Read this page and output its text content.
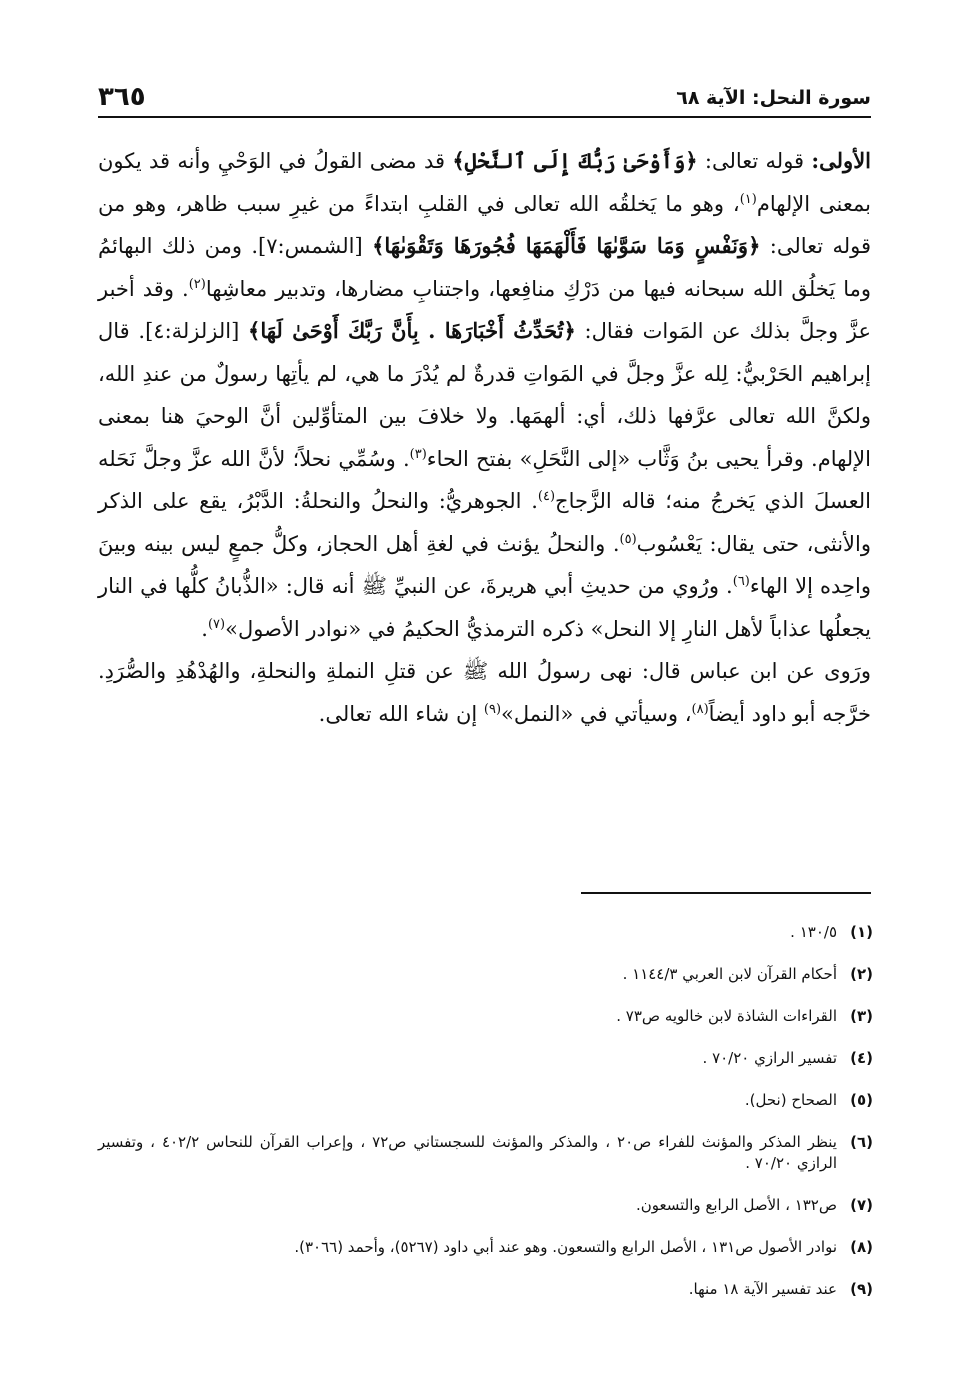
٣٦٥	سورة النحل: الآية ٦٨

الأولى: قوله تعالى: ﴿وَأَوْحَىٰ رَبُّكَ إِلَى ٱلنَّحْلِ﴾ قد مضى القولُ في الوَحْيِ وأنه قد يكون بمعنى الإلهام$^{(١)}$، وهو ما يَخلقُه الله تعالى في القلبِ ابتداءً من غيرِ سبب ظاهر، وهو من قوله تعالى: ﴿وَنَفْسٍ وَمَا سَوَّىٰهَا فَأَلْهَمَهَا فُجُورَهَا وَتَقْوَىٰهَا﴾ [الشمس:٧]. ومن ذلك البهائمُ وما يَخلُق الله سبحانه فيها من دَرْكِ منافِعها، واجتنابِ مضارها، وتدبير معاشِها$^{(٢)}$. وقد أخبر عزَّ وجلَّ بذلك عن المَوات فقال: ﴿تُحَدِّثُ أَخْبَارَهَا . بِأَنَّ رَبَّكَ أَوْحَىٰ لَهَا﴾ [الزلزلة:٤]. قال إبراهيم الحَرْبيُّ: لِله عزَّ وجلَّ في المَواتِ قدرةٌ لم يُدْرَ ما هي، لم يأتِها رسولٌ من عندِ الله، ولكنَّ الله تعالى عرَّفها ذلك، أي: ألهمَها. ولا خلافَ بين المتأوِّلين أنَّ الوحيَ هنا بمعنى الإلهام. وقرأ يحيى بنُ وَثَّاب «إلى النَّحَلِ» بفتح الحاء$^{(٣)}$. وسُمِّي نحلاً؛ لأنَّ الله عزَّ وجلَّ نَحَله العسلَ الذي يَخرجُ منه؛ قاله الزَّجاج$^{(٤)}$. الجوهريُّ: والنحلُ والنحلةُ: الدَّبْرُ، يقع على الذكر والأنثى، حتى يقال: يَعْسُوب$^{(٥)}$. والنحلُ يؤنث في لغةِ أهل الحجاز، وكلُّ جمعٍ ليس بينه وبينَ واحِده إلا الهاء$^{(٦)}$. ورُوي من حديثِ أبي هريرةَ، عن النبيِّ ﷺ أنه قال: «الذُّبانُ كلُّها في النار يجعلُها عذاباً لأهل النارِ إلا النحل» ذكره الترمذيُّ الحكيمُ في «نوادر الأصول»$^{(٧)}$.

ورَوى عن ابن عباس قال: نهى رسولُ الله ﷺ عن قتلِ النملةِ والنحلةِ، والهُدْهُدِ والصُّرَدِ. خرَّجه أبو داود أيضاً$^{(٨)}$، وسيأتي في «النمل»$^{(٩)}$ إن شاء الله تعالى.

(١)
١٣٠/٥ .
(٢)
أحكام القرآن لابن العربي ١١٤٤/٣ .
(٣)
القراءات الشاذة لابن خالويه ص٧٣ .
(٤)
تفسير الرازي ٧٠/٢٠ .
(٥)
الصحاح (نحل).
(٦)
ينظر المذكر والمؤنث للفراء ص٢٠ ، والمذكر والمؤنث للسجستاني ص٧٢ ، وإعراب القرآن للنحاس ٤٠٢/٢ ، وتفسير الرازي ٧٠/٢٠ .
(٧)
ص١٣٢ ، الأصل الرابع والتسعون.
(٨)
نوادر الأصول ص١٣١ ، الأصل الرابع والتسعون. وهو عند أبي داود (٥٢٦٧)، وأحمد (٣٠٦٦).
(٩)
عند تفسير الآية ١٨ منها.
